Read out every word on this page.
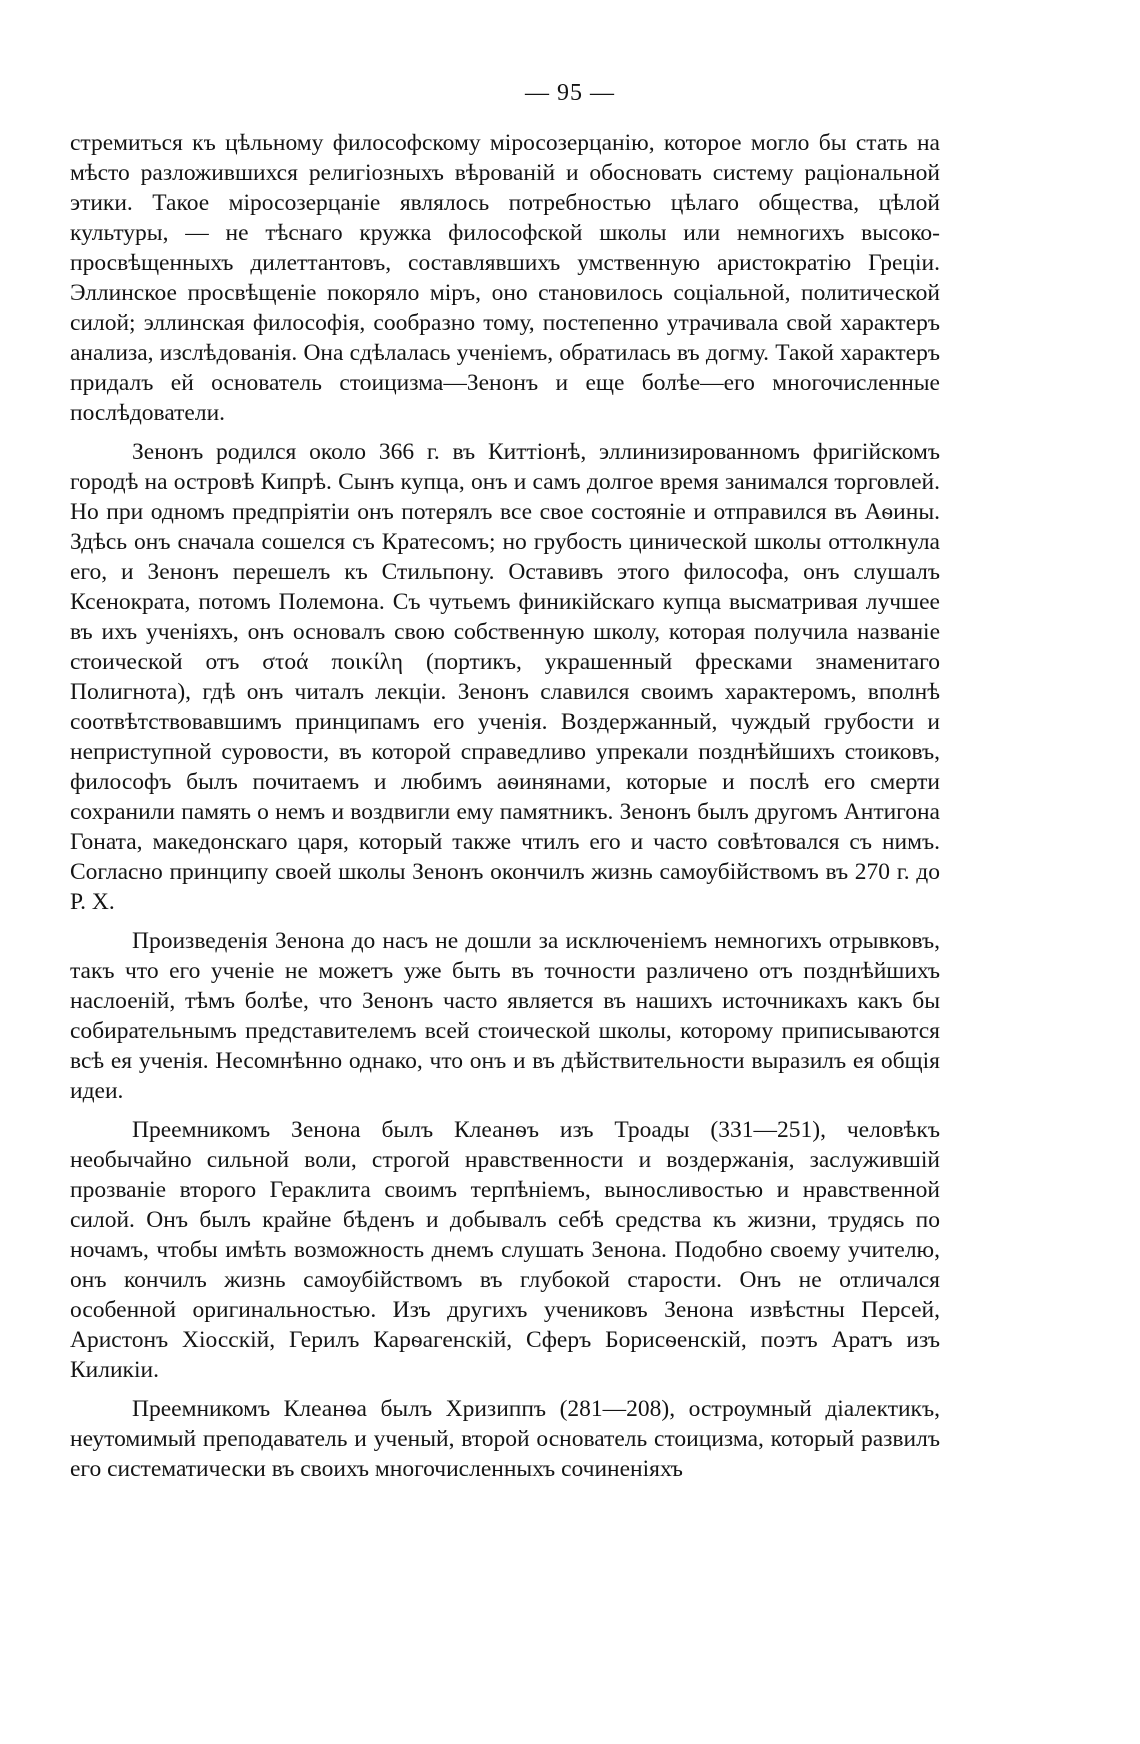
— 95 —

стремиться къ цѣльному философскому міросозерцанію, которое могло бы стать на мѣсто разложившихся религіозныхъ вѣрованій и обосновать систему раціональной этики. Такое міросозерцаніе являлось потребностью цѣлаго общества, цѣлой культуры, — не тѣснаго кружка философской школы или немногихъ высоко-просвѣщенныхъ дилеттантовъ, составлявшихъ умственную аристократію Греціи. Эллинское просвѣщеніе покоряло міръ, оно становилось соціальной, политической силой; эллинская философія, сообразно тому, постепенно утрачивала свой характеръ анализа, изслѣдованія. Она сдѣлалась ученіемъ, обратилась въ догму. Такой характеръ придалъ ей основатель стоицизма—Зенонъ и еще болѣе—его многочисленные послѣдователи.

Зенонъ родился около 366 г. въ Киттіонѣ, эллинизированномъ фригійскомъ городѣ на островѣ Кипрѣ. Сынъ купца, онъ и самъ долгое время занимался торговлей. Но при одномъ предпріятіи онъ потерялъ все свое состояніе и отправился въ Аѳины. Здѣсь онъ сначала сошелся съ Кратесомъ; но грубость цинической школы оттолкнула его, и Зенонъ перешелъ къ Стильпону. Оставивъ этого философа, онъ слушалъ Ксенократа, потомъ Полемона. Съ чутьемъ финикійскаго купца высматривая лучшее въ ихъ ученіяхъ, онъ основалъ свою собственную школу, которая получила названіе стоической отъ στοά ποικίλη (портикъ, украшенный фресками знаменитаго Полигнота), гдѣ онъ читалъ лекціи. Зенонъ славился своимъ характеромъ, вполнѣ соотвѣтствовавшимъ принципамъ его ученія. Воздержанный, чуждый грубости и неприступной суровости, въ которой справедливо упрекали позднѣйшихъ стоиковъ, философъ былъ почитаемъ и любимъ аѳинянами, которые и послѣ его смерти сохранили память о немъ и воздвигли ему памятникъ. Зенонъ былъ другомъ Антигона Гоната, македонскаго царя, который также чтилъ его и часто совѣтовался съ нимъ. Согласно принципу своей школы Зенонъ окончилъ жизнь самоубійствомъ въ 270 г. до Р. Х.

Произведенія Зенона до насъ не дошли за исключеніемъ немногихъ отрывковъ, такъ что его ученіе не можетъ уже быть въ точности различено отъ позднѣйшихъ наслоеній, тѣмъ болѣе, что Зенонъ часто является въ нашихъ источникахъ какъ бы собирательнымъ представителемъ всей стоической школы, которому приписываются всѣ ея ученія. Несомнѣнно однако, что онъ и въ дѣйствительности выразилъ ея общія идеи.

Преемникомъ Зенона былъ Клеанѳъ изъ Троады (331—251), человѣкъ необычайно сильной воли, строгой нравственности и воздержанія, заслужившій прозваніе второго Гераклита своимъ терпѣніемъ, выносливостью и нравственной силой. Онъ былъ крайне бѣденъ и добывалъ себѣ средства къ жизни, трудясь по ночамъ, чтобы имѣть возможность днемъ слушать Зенона. Подобно своему учителю, онъ кончилъ жизнь самоубійствомъ въ глубокой старости. Онъ не отличался особенной оригинальностью. Изъ другихъ учениковъ Зенона извѣстны Персей, Аристонъ Хіосскій, Герилъ Карѳагенскій, Сферъ Борисѳенскій, поэтъ Аратъ изъ Киликіи.

Преемникомъ Клеанѳа былъ Хризиппъ (281—208), остроумный діалектикъ, неутомимый преподаватель и ученый, второй основатель стоицизма, который развилъ его систематически въ своихъ многочисленныхъ сочиненіяхъ
